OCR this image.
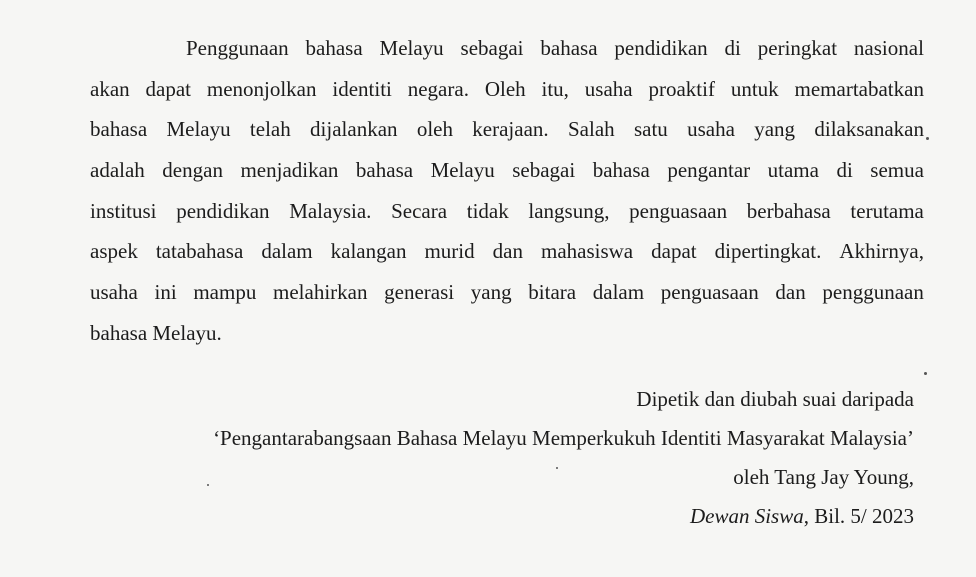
Penggunaan bahasa Melayu sebagai bahasa pendidikan di peringkat nasional
akan dapat menonjolkan identiti negara. Oleh itu, usaha proaktif untuk memartabatkan
bahasa Melayu telah dijalankan oleh kerajaan. Salah satu usaha yang dilaksanakan
adalah dengan menjadikan bahasa Melayu sebagai bahasa pengantar utama di semua
institusi pendidikan Malaysia. Secara tidak langsung, penguasaan berbahasa terutama
aspek tatabahasa dalam kalangan murid dan mahasiswa dapat dipertingkat. Akhirnya,
usaha ini mampu melahirkan generasi yang bitara dalam penguasaan dan penggunaan
bahasa Melayu.
Dipetik dan diubah suai daripada
‘Pengantarabangsaan Bahasa Melayu Memperkukuh Identiti Masyarakat Malaysia’
oleh Tang Jay Young,
Dewan Siswa, Bil. 5/ 2023
